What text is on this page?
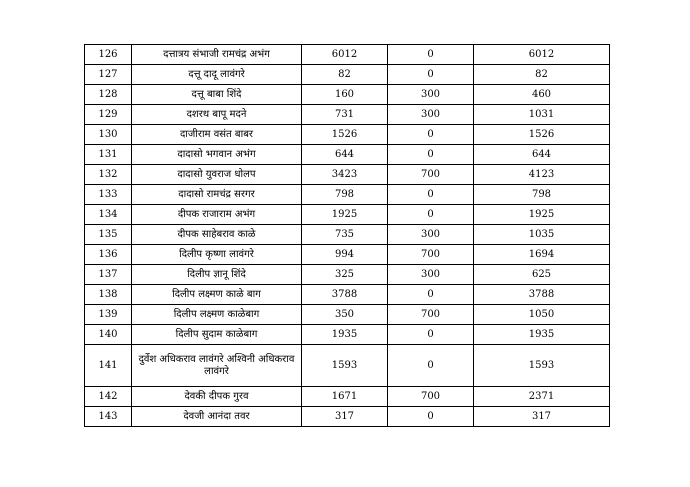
126	दत्तात्रय संभाजी रामचंद्र अभंग	6012	0	6012
127	दत्तू दादू लावंगरे	82	0	82
128	दत्तू बाबा शिंदे	160	300	460
129	दशरथ बापू मदने	731	300	1031
130	दाजीराम वसंत बाबर	1526	0	1526
131	दादासो भगवान अभंग	644	0	644
132	दादासो युवराज धोलप	3423	700	4123
133	दादासो रामचंद्र सरगर	798	0	798
134	दीपक राजाराम अभंग	1925	0	1925
135	दीपक साहेबराव काळे	735	300	1035
136	दिलीप कृष्णा लावंगरे	994	700	1694
137	दिलीप ज्ञानू शिंदे	325	300	625
138	दिलीप लक्ष्मण काळे बाग	3788	0	3788
139	दिलीप लक्ष्मण काळेबाग	350	700	1050
140	दिलीप सुदाम काळेबाग	1935	0	1935
141	दुर्वेश अधिकराव लावंगरे अश्विनी अधिकराव लावंगरे	1593	0	1593
142	देवकी दीपक गुरव	1671	700	2371
143	देवजी आनंदा तवर	317	0	317
